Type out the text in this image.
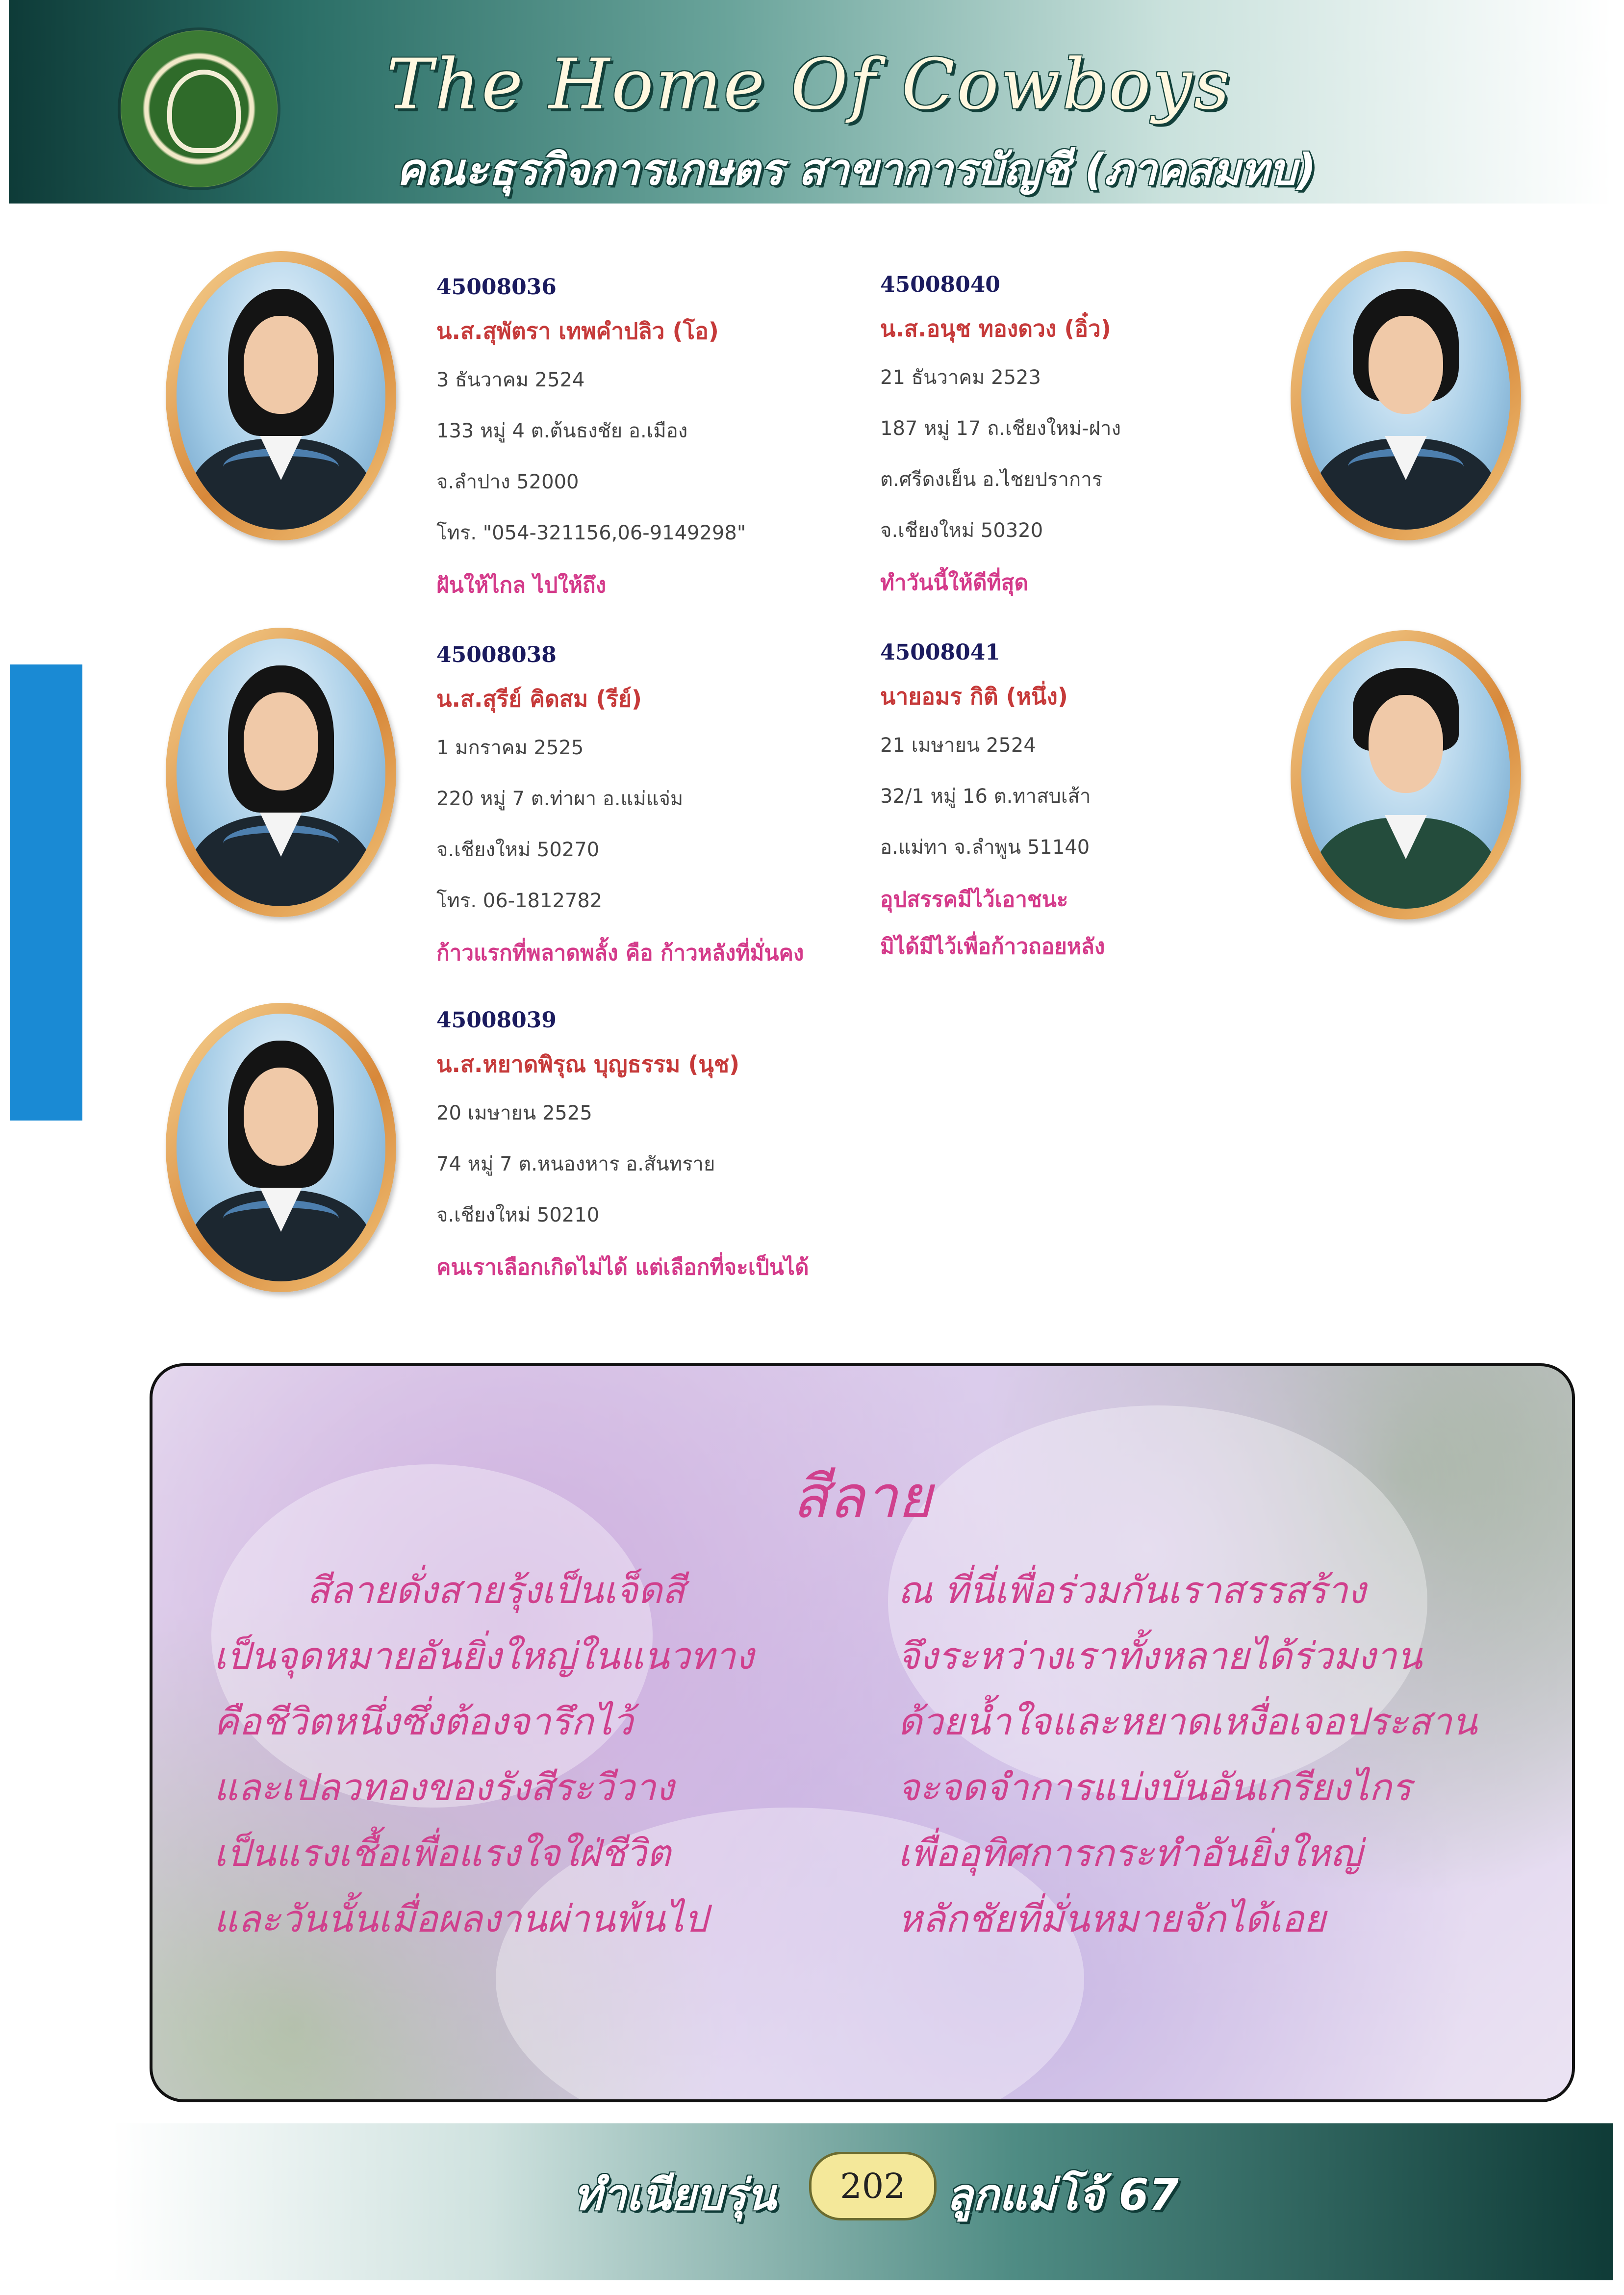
The Home Of Cowboys
คณะธุรกิจการเกษตร สาขาการบัญชี (ภาคสมทบ)
45008036
น.ส.สุพัตรา เทพคำปลิว (โอ)
3 ธันวาคม 2524
133 หมู่ 4 ต.ต้นธงชัย อ.เมือง
จ.ลำปาง 52000
โทร. "054-321156,06-9149298"
ฝันให้ไกล ไปให้ถึง
45008040
น.ส.อนุช ทองดวง (อิ๋ว)
21 ธันวาคม 2523
187 หมู่ 17 ถ.เชียงใหม่-ฝาง
ต.ศรีดงเย็น อ.ไชยปราการ
จ.เชียงใหม่ 50320
ทำวันนี้ให้ดีที่สุด
45008038
น.ส.สุรีย์ คิดสม (รีย์)
1 มกราคม 2525
220 หมู่ 7 ต.ท่าผา อ.แม่แจ่ม
จ.เชียงใหม่ 50270
โทร. 06-1812782
ก้าวแรกที่พลาดพลั้ง คือ ก้าวหลังที่มั่นคง
45008041
นายอมร กิติ (หนึ่ง)
21 เมษายน 2524
32/1 หมู่ 16 ต.ทาสบเส้า
อ.แม่ทา จ.ลำพูน 51140
อุปสรรคมีไว้เอาชนะ
มิได้มีไว้เพื่อก้าวถอยหลัง
45008039
น.ส.หยาดพิรุณ บุญธรรม (นุช)
20 เมษายน 2525
74 หมู่ 7 ต.หนองหาร อ.สันทราย
จ.เชียงใหม่ 50210
คนเราเลือกเกิดไม่ได้ แต่เลือกที่จะเป็นได้
สีลาย
สีลายดั่งสายรุ้งเป็นเจ็ดสี
เป็นจุดหมายอันยิ่งใหญ่ในแนวทาง
คือชีวิตหนึ่งซึ่งต้องจารึกไว้
และเปลวทองของรังสีระวีวาง
เป็นแรงเชื้อเพื่อแรงใจใฝ่ชีวิต
และวันนั้นเมื่อผลงานผ่านพ้นไป
ณ ที่นี่เพื่อร่วมกันเราสรรสร้าง
จึงระหว่างเราทั้งหลายได้ร่วมงาน
ด้วยน้ำใจและหยาดเหงื่อเจอประสาน
จะจดจำการแบ่งบันอันเกรียงไกร
เพื่ออุทิศการกระทำอันยิ่งใหญ่
หลักชัยที่มั่นหมายจักได้เอย
ทำเนียบรุ่น	202 ลูกแม่โจ้ 67
